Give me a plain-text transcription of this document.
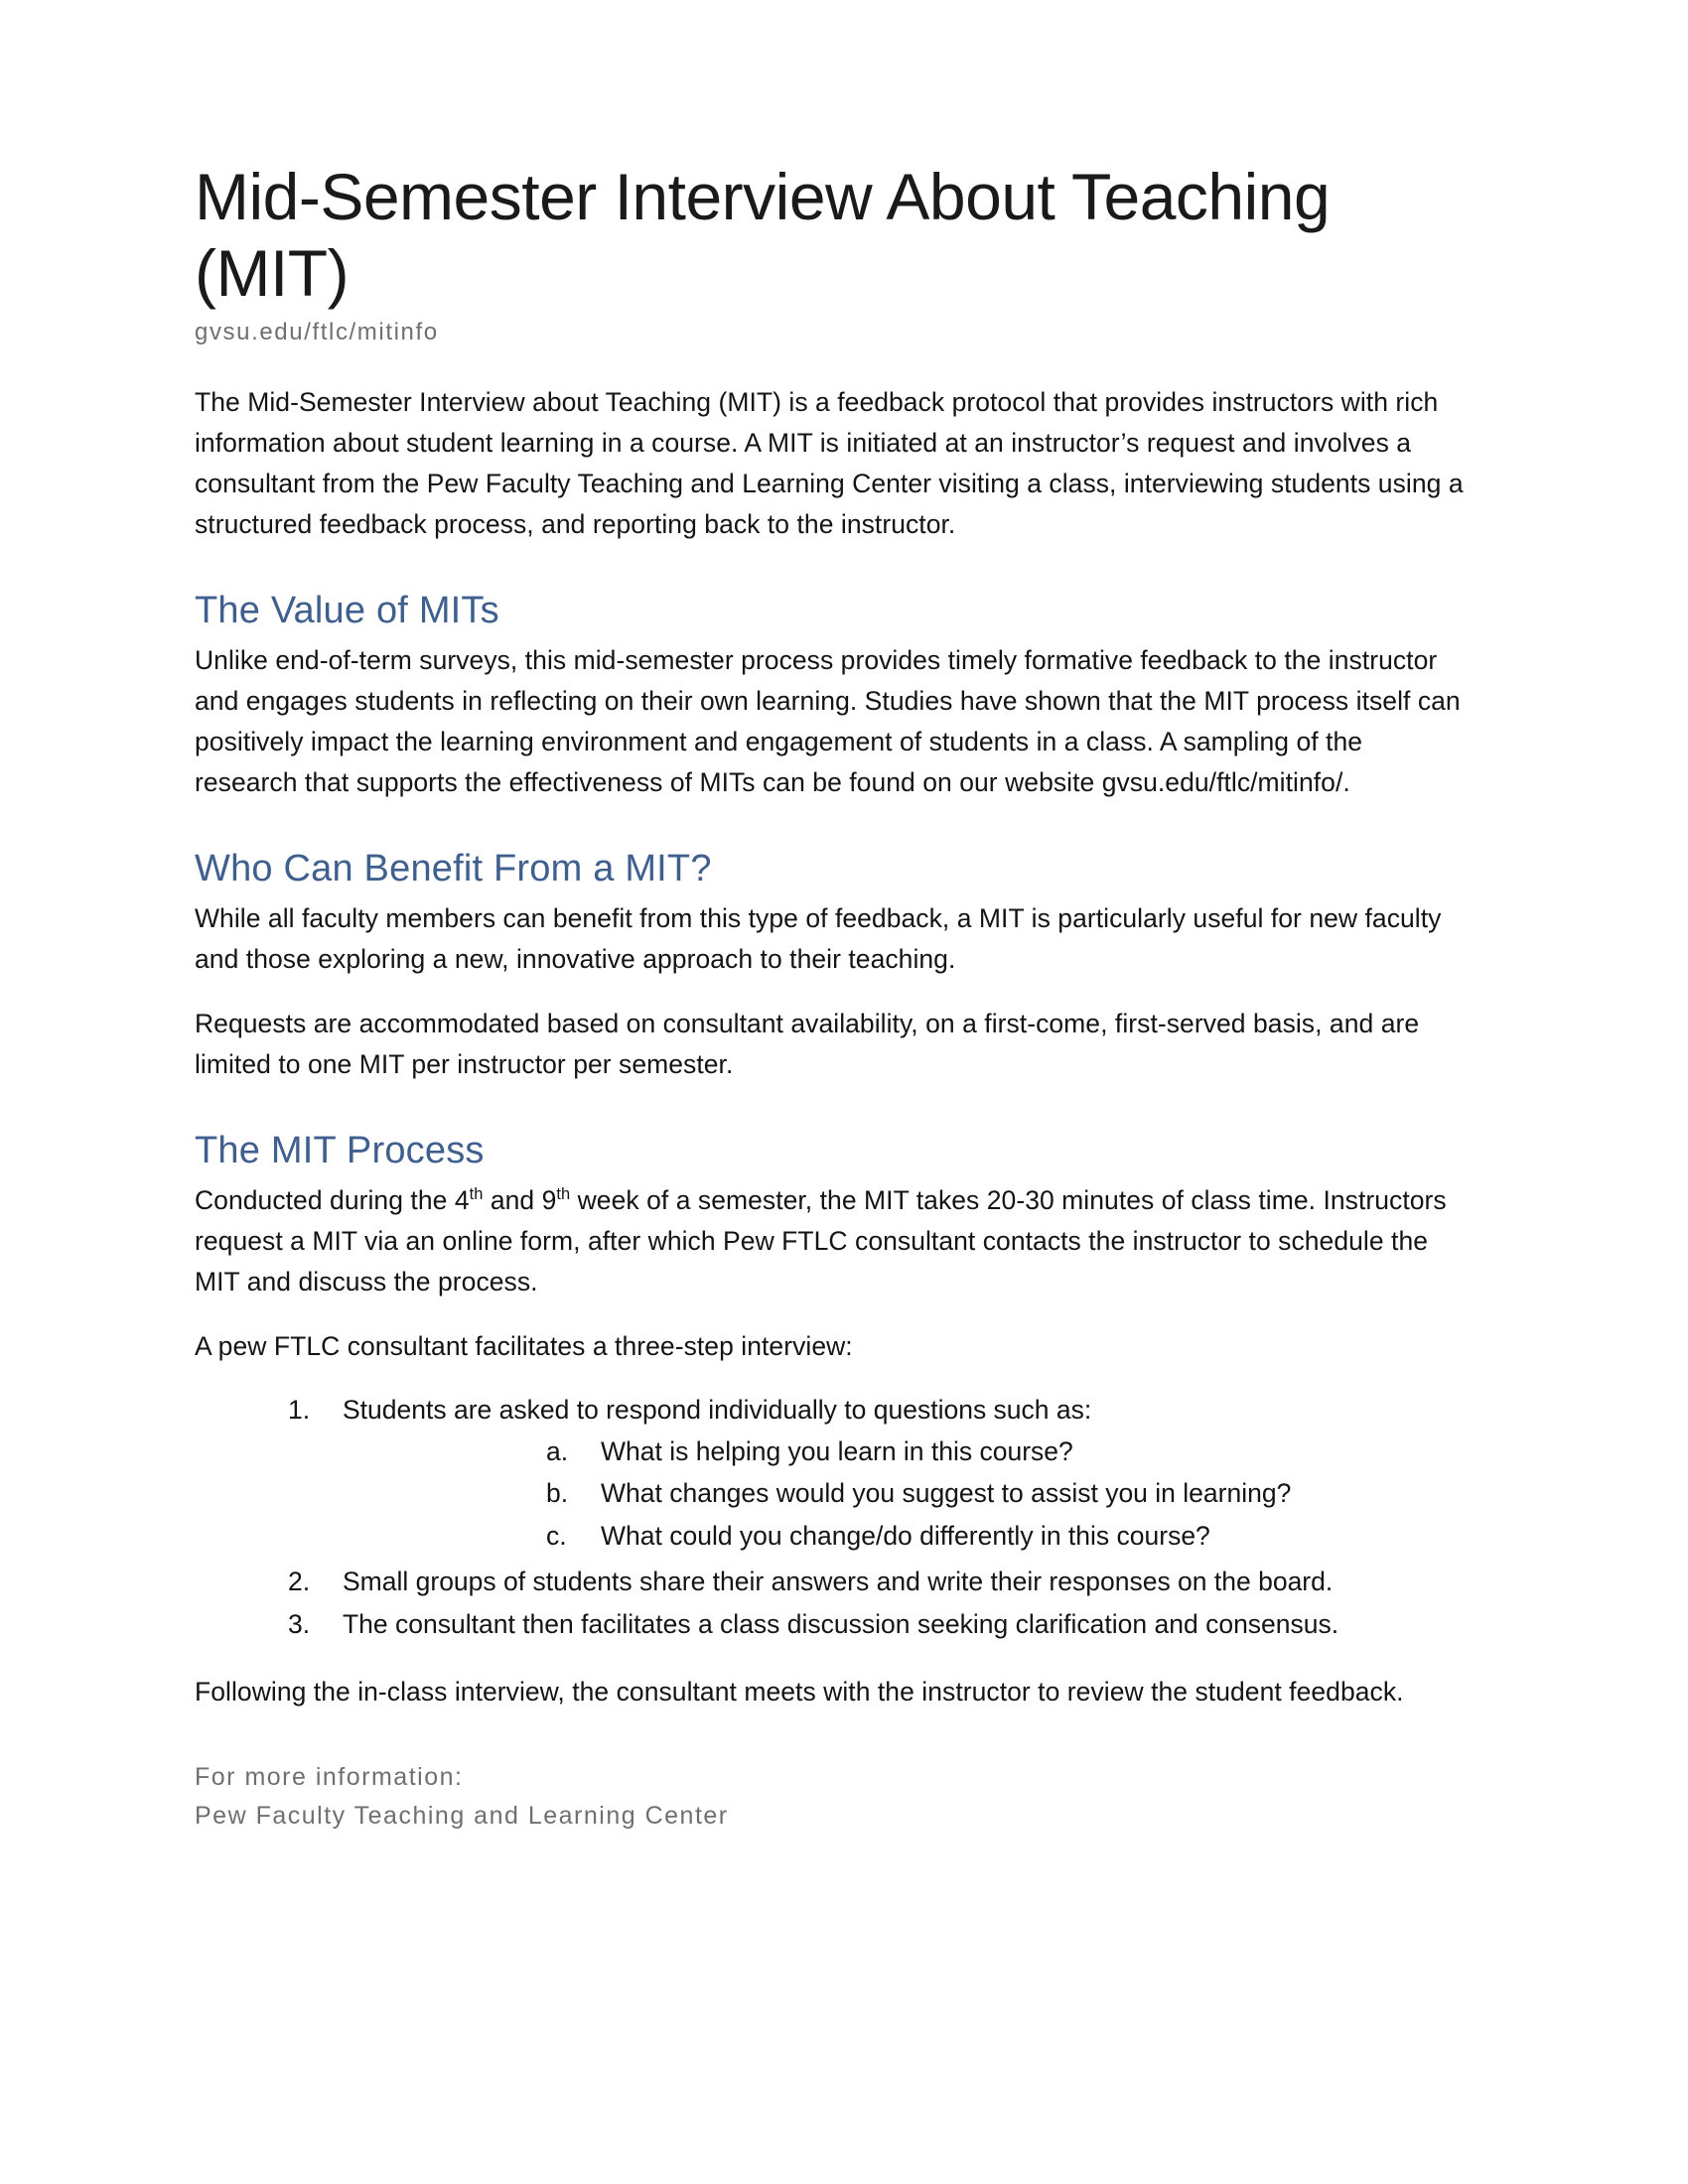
Mid-Semester Interview About Teaching (MIT)
gvsu.edu/ftlc/mitinfo

The Mid-Semester Interview about Teaching (MIT) is a feedback protocol that provides instructors with rich information about student learning in a course. A MIT is initiated at an instructor’s request and involves a consultant from the Pew Faculty Teaching and Learning Center visiting a class, interviewing students using a structured feedback process, and reporting back to the instructor.

The Value of MITs

Unlike end-of-term surveys, this mid-semester process provides timely formative feedback to the instructor and engages students in reflecting on their own learning. Studies have shown that the MIT process itself can positively impact the learning environment and engagement of students in a class. A sampling of the research that supports the effectiveness of MITs can be found on our website gvsu.edu/ftlc/mitinfo/.

Who Can Benefit From a MIT?

While all faculty members can benefit from this type of feedback, a MIT is particularly useful for new faculty and those exploring a new, innovative approach to their teaching.

Requests are accommodated based on consultant availability, on a first-come, first-served basis, and are limited to one MIT per instructor per semester.

The MIT Process

Conducted during the 4th and 9th week of a semester, the MIT takes 20-30 minutes of class time. Instructors request a MIT via an online form, after which Pew FTLC consultant contacts the instructor to schedule the MIT and discuss the process.

A pew FTLC consultant facilitates a three-step interview:

1.	Students are asked to respond individually to questions such as:
a.	What is helping you learn in this course?
b.	What changes would you suggest to assist you in learning?
c.	What could you change/do differently in this course?
2.	Small groups of students share their answers and write their responses on the board.
3.	The consultant then facilitates a class discussion seeking clarification and consensus.

Following the in-class interview, the consultant meets with the instructor to review the student feedback.

For more information:

Pew Faculty Teaching and Learning Center
